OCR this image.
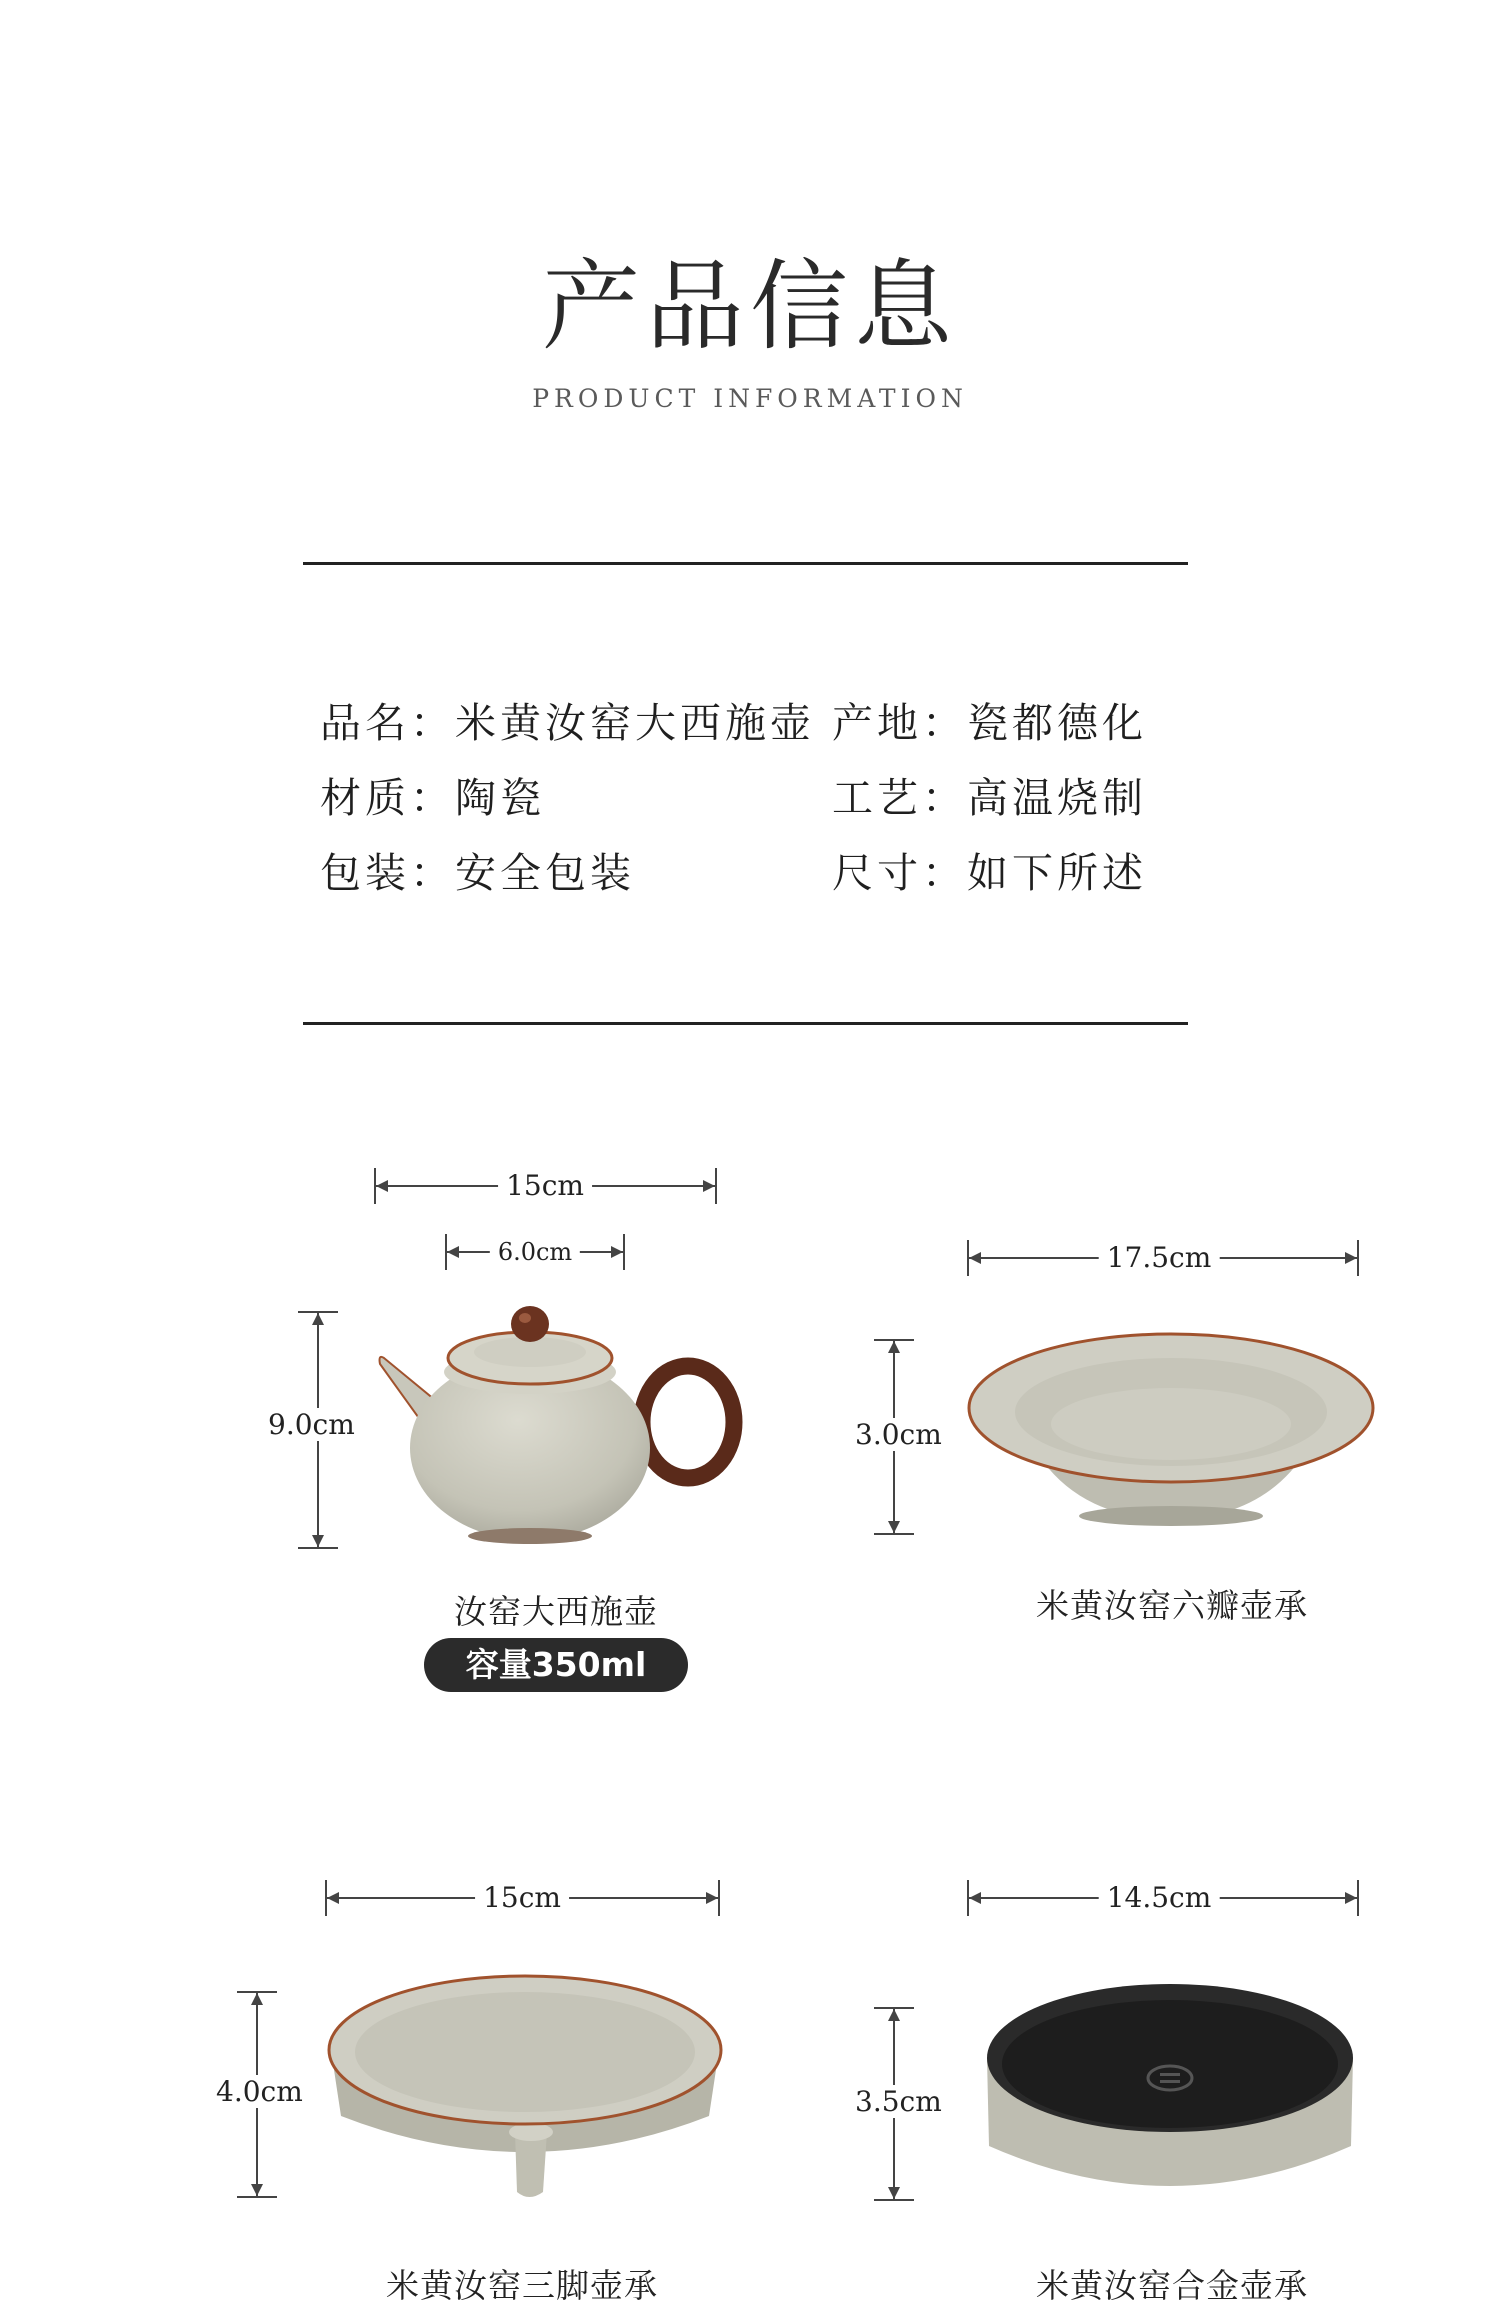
产品信息
PRODUCT INFORMATION
品名：米黄汝窑大西施壶 产地：瓷都德化
材质：陶瓷	工艺：高温烧制
包装：安全包装	尺寸：如下所述
15cm
6.0cm
9.0cm
汝窑大西施壶
容量350ml
17.5cm
3.0cm
米黄汝窑六瓣壶承
15cm
4.0cm
米黄汝窑三脚壶承
14.5cm
3.5cm
米黄汝窑合金壶承
